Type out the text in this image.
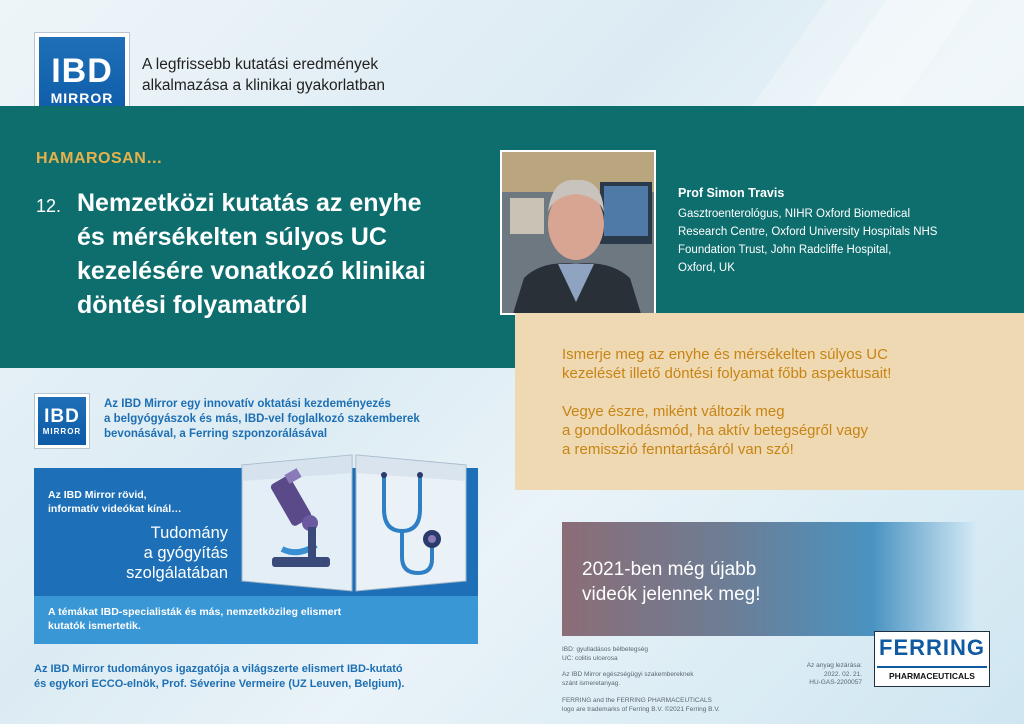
IBD
MIRROR
A legfrissebb kutatási eredmények
alkalmazása a klinikai gyakorlatban
HAMAROSAN…
12. Nemzetközi kutatás az enyhe
és mérsékelten súlyos UC
kezelésére vonatkozó klinikai
döntési folyamatról
Prof Simon Travis
Gasztroenterológus, NIHR Oxford Biomedical
Research Centre, Oxford University Hospitals NHS
Foundation Trust, John Radcliffe Hospital,
Oxford, UK
Ismerje meg az enyhe és mérsékelten súlyos UC
kezelését illető döntési folyamat főbb aspektusait!
Vegye észre, miként változik meg
a gondolkodásmód, ha aktív betegségről vagy
a remisszió fenntartásáról van szó!
IBD
MIRROR
Az IBD Mirror egy innovatív oktatási kezdeményezés
a belgyógyászok és más, IBD-vel foglalkozó szakemberek
bevonásával, a Ferring szponzorálásával
Az IBD Mirror rövid,
informatív videókat kínál…
Tudomány
a gyógyítás
szolgálatában
A témákat IBD-specialisták és más, nemzetközileg elismert
kutatók ismertetik.
Az IBD Mirror tudományos igazgatója a világszerte elismert IBD-kutató
és egykori ECCO-elnök, Prof. Séverine Vermeire (UZ Leuven, Belgium).
2021-ben még újabb
videók jelennek meg!
IBD: gyulladásos bélbetegség
UC: colitis ulcerosa
Az IBD Mirror egészségügyi szakembereknek
szánt ismeretanyag.
FERRING and the FERRING PHARMACEUTICALS
logo are trademarks of Ferring B.V. ©2021 Ferring B.V.
Az anyag lezárása:
2022. 02. 21.
HU-GAS-2200057
FERRING
PHARMACEUTICALS
